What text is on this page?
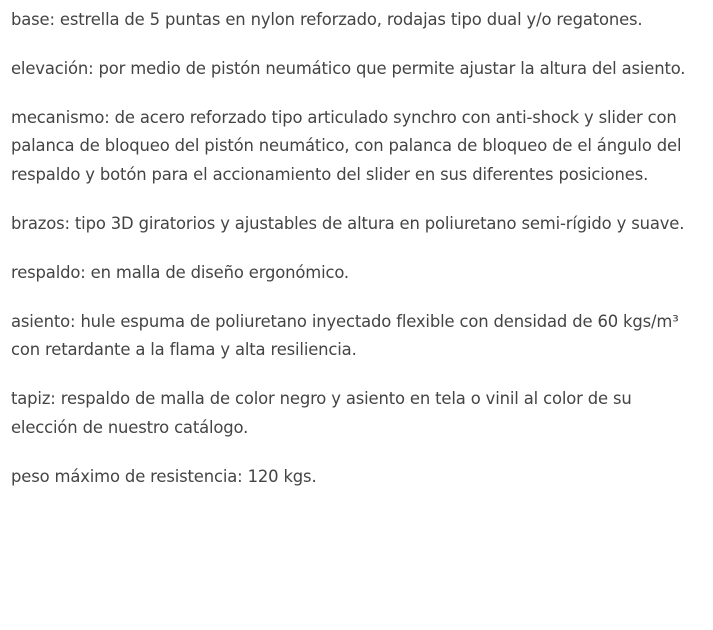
base: estrella de 5 puntas en nylon reforzado, rodajas tipo dual y/o regatones.

elevación: por medio de pistón neumático que permite ajustar la altura del asiento.

mecanismo: de acero reforzado tipo articulado synchro con anti-shock y slider con palanca de bloqueo del pistón neumático, con palanca de bloqueo de el ángulo del respaldo y botón para el accionamiento del slider en sus diferentes posiciones.

brazos: tipo 3D giratorios y ajustables de altura en poliuretano semi-rígido y suave.

respaldo: en malla de diseño ergonómico.

asiento: hule espuma de poliuretano inyectado flexible con densidad de 60 kgs/m³ con retardante a la flama y alta resiliencia.

tapiz: respaldo de malla de color negro y asiento en tela o vinil al color de su elección de nuestro catálogo.

peso máximo de resistencia: 120 kgs.
